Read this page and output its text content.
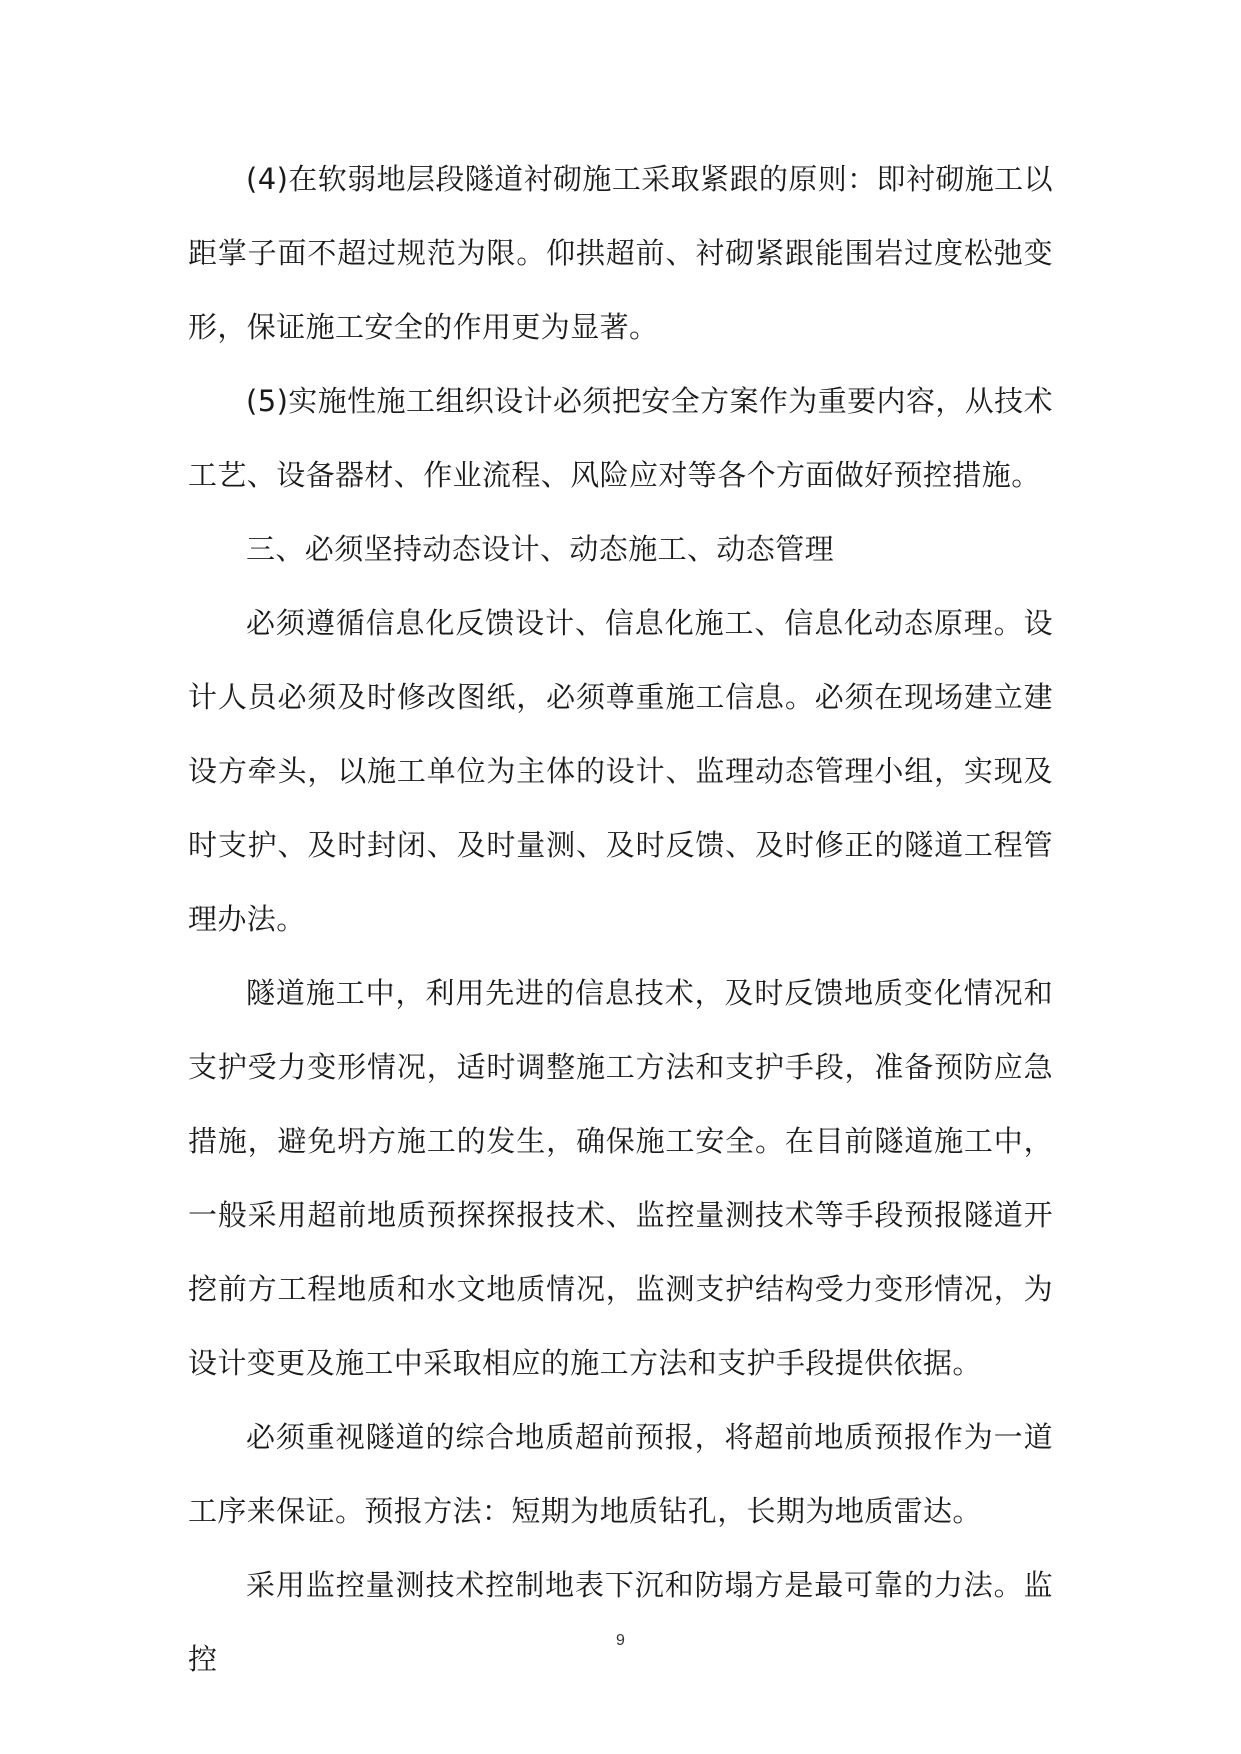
(4)在软弱地层段隧道衬砌施工采取紧跟的原则：即衬砌施工以距掌子面不超过规范为限。仰拱超前、衬砌紧跟能围岩过度松弛变形，保证施工安全的作用更为显著。

(5)实施性施工组织设计必须把安全方案作为重要内容，从技术工艺、设备器材、作业流程、风险应对等各个方面做好预控措施。

三、必须坚持动态设计、动态施工、动态管理

必须遵循信息化反馈设计、信息化施工、信息化动态原理。设计人员必须及时修改图纸，必须尊重施工信息。必须在现场建立建设方牵头，以施工单位为主体的设计、监理动态管理小组，实现及时支护、及时封闭、及时量测、及时反馈、及时修正的隧道工程管理办法。

隧道施工中，利用先进的信息技术，及时反馈地质变化情况和支护受力变形情况，适时调整施工方法和支护手段，准备预防应急措施，避免坍方施工的发生，确保施工安全。在目前隧道施工中，一般采用超前地质预探探报技术、监控量测技术等手段预报隧道开挖前方工程地质和水文地质情况，监测支护结构受力变形情况，为设计变更及施工中采取相应的施工方法和支护手段提供依据。

必须重视隧道的综合地质超前预报，将超前地质预报作为一道工序来保证。预报方法：短期为地质钻孔，长期为地质雷达。

采用监控量测技术控制地表下沉和防塌方是最可靠的力法。监控

9
